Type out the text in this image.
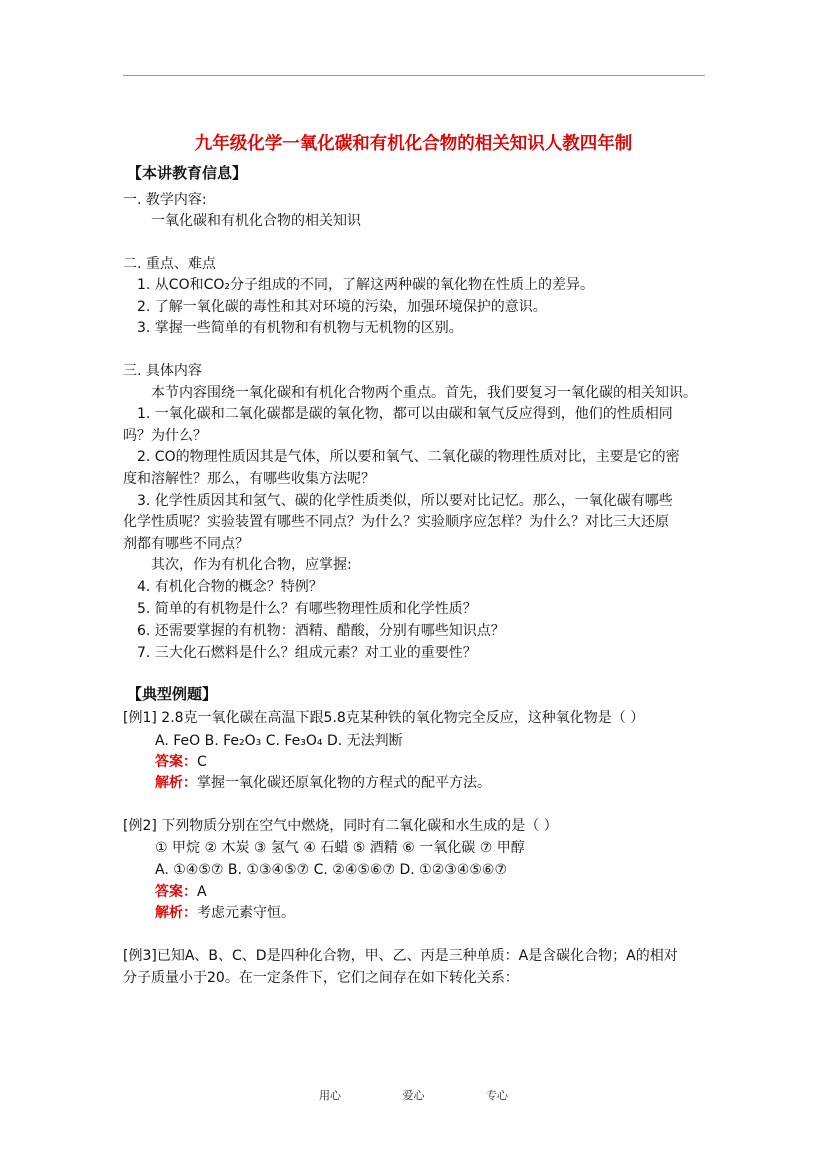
九年级化学一氧化碳和有机化合物的相关知识人教四年制
【本讲教育信息】
一. 教学内容:
一氧化碳和有机化合物的相关知识
二. 重点、难点
1. 从CO和CO₂分子组成的不同，了解这两种碳的氧化物在性质上的差异。
2. 了解一氧化碳的毒性和其对环境的污染，加强环境保护的意识。
3. 掌握一些简单的有机物和有机物与无机物的区别。
三. 具体内容
本节内容围绕一氧化碳和有机化合物两个重点。首先，我们要复习一氧化碳的相关知识。
1. 一氧化碳和二氧化碳都是碳的氧化物，都可以由碳和氧气反应得到，他们的性质相同
吗？为什么？
2. CO的物理性质因其是气体，所以要和氧气、二氧化碳的物理性质对比，主要是它的密
度和溶解性？那么，有哪些收集方法呢？
3. 化学性质因其和氢气、碳的化学性质类似，所以要对比记忆。那么，一氧化碳有哪些
化学性质呢？实验装置有哪些不同点？为什么？实验顺序应怎样？为什么？对比三大还原
剂都有哪些不同点？
其次，作为有机化合物，应掌握:
4. 有机化合物的概念？特例？
5. 简单的有机物是什么？有哪些物理性质和化学性质？
6. 还需要掌握的有机物：酒精、醋酸，分别有哪些知识点？
7. 三大化石燃料是什么？组成元素？对工业的重要性？
【典型例题】
[例1] 2.8克一氧化碳在高温下跟5.8克某种铁的氧化物完全反应，这种氧化物是（ ）
A. FeO B. Fe₂O₃ C. Fe₃O₄ D. 无法判断
答案：C
解析：掌握一氧化碳还原氧化物的方程式的配平方法。
[例2] 下列物质分别在空气中燃烧，同时有二氧化碳和水生成的是（ ）
① 甲烷 ② 木炭 ③ 氢气 ④ 石蜡 ⑤ 酒精 ⑥ 一氧化碳 ⑦ 甲醇
A. ①④⑤⑦ B. ①③④⑤⑦ C. ②④⑤⑥⑦ D. ①②③④⑤⑥⑦
答案：A
解析：考虑元素守恒。
[例3]已知A、B、C、D是四种化合物，甲、乙、丙是三种单质：A是含碳化合物；A的相对
分子质量小于20。在一定条件下，它们之间存在如下转化关系：
用心	爱心	专心
